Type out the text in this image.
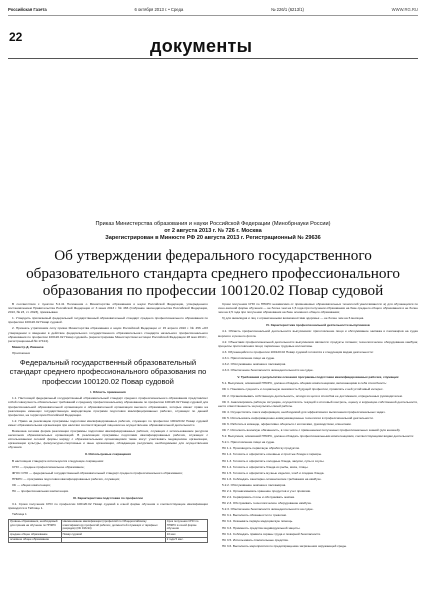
Российская Газета	6 октября 2013 г. • Среда	№ 226/1 (6213/1)	WWW.RG.RU
22	документы
Приказ Министерства образования и науки Российской Федерации (Минобрнауки России)
от 2 августа 2013 г. № 726 г. Москва
Зарегистрирован в Минюсте РФ 20 августа 2013 г. Регистрационный № 29636
Об утверждении федерального государственного образовательного стандарта среднего профессионального образования по профессии 100120.02 Повар судовой

В соответствии с пунктом 5.2.41 Положения о Министерстве образования и науки Российской Федерации, утвержденного постановлением Правительства Российской Федерации от 3 июня 2013 г. № 466 (Собрание законодательства Российской Федерации, 2013, № 23, ст. 2923), приказываю:

1. Утвердить прилагаемый федеральный государственный образовательный стандарт среднего профессионального образования по профессии 100120.02 Повар судовой.

2. Признать утратившим силу приказ Министерства образования и науки Российской Федерации от 15 апреля 2010 г. № 456 «Об утверждении и введении в действие федерального государственного образовательного стандарта начального профессионального образования по профессии 100120.02 Повар судовой» (зарегистрирован Министерством юстиции Российской Федерации 28 мая 2010 г., регистрационный № 17414).

Министр Д. Ливанов

Приложение

Федеральный государственный образовательный стандарт среднего профессионального образования по профессии 100120.02 Повар судовой

I. Область применения

1.1. Настоящий федеральный государственный образовательный стандарт среднего профессионального образования представляет собой совокупность обязательных требований к среднему профессиональному образованию по профессии 100120.02 Повар судовой для профессиональной образовательной организации и образовательной организации высшего образования, которые имеют право на реализацию имеющих государственную аккредитацию программ подготовки квалифицированных рабочих, служащих по данной профессии, на территории Российской Федерации.

1.2. Право на реализацию программы подготовки квалифицированных рабочих, служащих по профессии 100120.02 Повар судовой имеет образовательная организация при наличии соответствующей лицензии на осуществление образовательной деятельности.

Возможна сетевая форма реализации программы подготовки квалифицированных рабочих, служащих с использованием ресурсов нескольких образовательных организаций. В реализации программы подготовки квалифицированных рабочих, служащих с использованием сетевой формы наряду с образовательными организациями также могут участвовать медицинские организации, организации культуры, физкультурно-спортивные и иные организации, обладающие ресурсами, необходимыми для осуществления обучения.

II. Используемые сокращения

В настоящем стандарте используются следующие сокращения:

СПО — среднее профессиональное образование;

ФГОС СПО — федеральный государственный образовательный стандарт среднего профессионального образования;

ППКРС — программа подготовки квалифицированных рабочих, служащих;

ОК — общая компетенция;

ПК — профессиональная компетенция.

III. Характеристика подготовки по профессии

3.1. Сроки получения СПО по профессии 100120.02 Повар судовой в очной форме обучения и соответствующие квалификации приводятся в Таблице 1.

Таблица 1

Уровень образования, необходимый для приема на обучение по ППКРС	Наименование квалификации (профессий по Общероссийскому классификатору профессий рабочих, должностей служащих и тарифных разрядов) (ОК 016-94)	Срок получения СПО по ППКРС в очной форме обучения
среднее общее образование	Повар судовой	10 мес.
основное общее образование		2 года 5 мес.

Сроки получения СПО по ППКРС независимо от применяемых образовательных технологий увеличиваются: а) для обучающихся по очно-заочной форме обучения — не более чем на 1,5 года при получении образования на базе среднего общего образования и не более чем на 2,5 года при получении образования на базе основного общего образования;

б) для инвалидов и лиц с ограниченными возможностями здоровья — не более чем на 6 месяцев.

IV. Характеристика профессиональной деятельности выпускников

4.1. Область профессиональной деятельности выпускников: приготовление пищи и обслуживание экипажа и пассажиров на судах морского и речного флота.

4.2. Объектами профессиональной деятельности выпускников являются: продукты питания; технологическое оборудование камбуза; процессы приготовления пищи; первичные трудовые коллективы.

4.3. Обучающийся по профессии 100120.02 Повар судовой готовится к следующим видам деятельности:

4.3.1. Приготовление пищи на судне.

4.3.2. Обслуживание экипажа и пассажиров.

4.3.3. Обеспечение безопасности жизнедеятельности на судне.

V. Требования к результатам освоения программы подготовки квалифицированных рабочих, служащих

5.1. Выпускник, освоивший ППКРС, должен обладать общими компетенциями, включающими в себя способность:

ОК 1. Понимать сущность и социальную значимость будущей профессии, проявлять к ней устойчивый интерес.

ОК 2. Организовывать собственную деятельность, исходя из цели и способов ее достижения, определенных руководителем.

ОК 3. Анализировать рабочую ситуацию, осуществлять текущий и итоговый контроль, оценку и коррекцию собственной деятельности, нести ответственность за результаты своей работы.

ОК 4. Осуществлять поиск информации, необходимой для эффективного выполнения профессиональных задач.

ОК 5. Использовать информационно-коммуникационные технологии в профессиональной деятельности.

ОК 6. Работать в команде, эффективно общаться с коллегами, руководством, клиентами.

ОК 7. Исполнять воинскую обязанность, в том числе с применением полученных профессиональных знаний (для юношей).

5.2. Выпускник, освоивший ППКРС, должен обладать профессиональными компетенциями, соответствующими видам деятельности:

5.2.1. Приготовление пищи на судне.

ПК 1.1. Производить первичную обработку продуктов.

ПК 1.2. Готовить и оформлять основные и простые блюда и гарниры.

ПК 1.3. Готовить и оформлять холодные блюда, закуски, супы и соусы.

ПК 1.4. Готовить и оформлять блюда из рыбы, мяса, птицы.

ПК 1.5. Готовить и оформлять мучные изделия, хлеб и сладкие блюда.

ПК 1.6. Соблюдать санитарно-гигиенические требования на камбузе.

5.2.2. Обслуживание экипажа и пассажиров.

ПК 2.1. Организовывать хранение продуктов и учет провизии.

ПК 2.2. Сервировать столы и обслуживать экипаж.

ПК 2.3. Обслуживать технологическое оборудование камбуза.

5.2.3. Обеспечение безопасности жизнедеятельности на судне.

ПК 3.1. Выполнять обязанности по тревогам.

ПК 3.2. Оказывать первую медицинскую помощь.

ПК 3.3. Применять средства индивидуальной защиты.

ПК 3.4. Соблюдать правила охраны труда и пожарной безопасности.

ПК 3.5. Использовать спасательные средства.

ПК 3.6. Выполнять мероприятия по предотвращению загрязнения окружающей среды.
